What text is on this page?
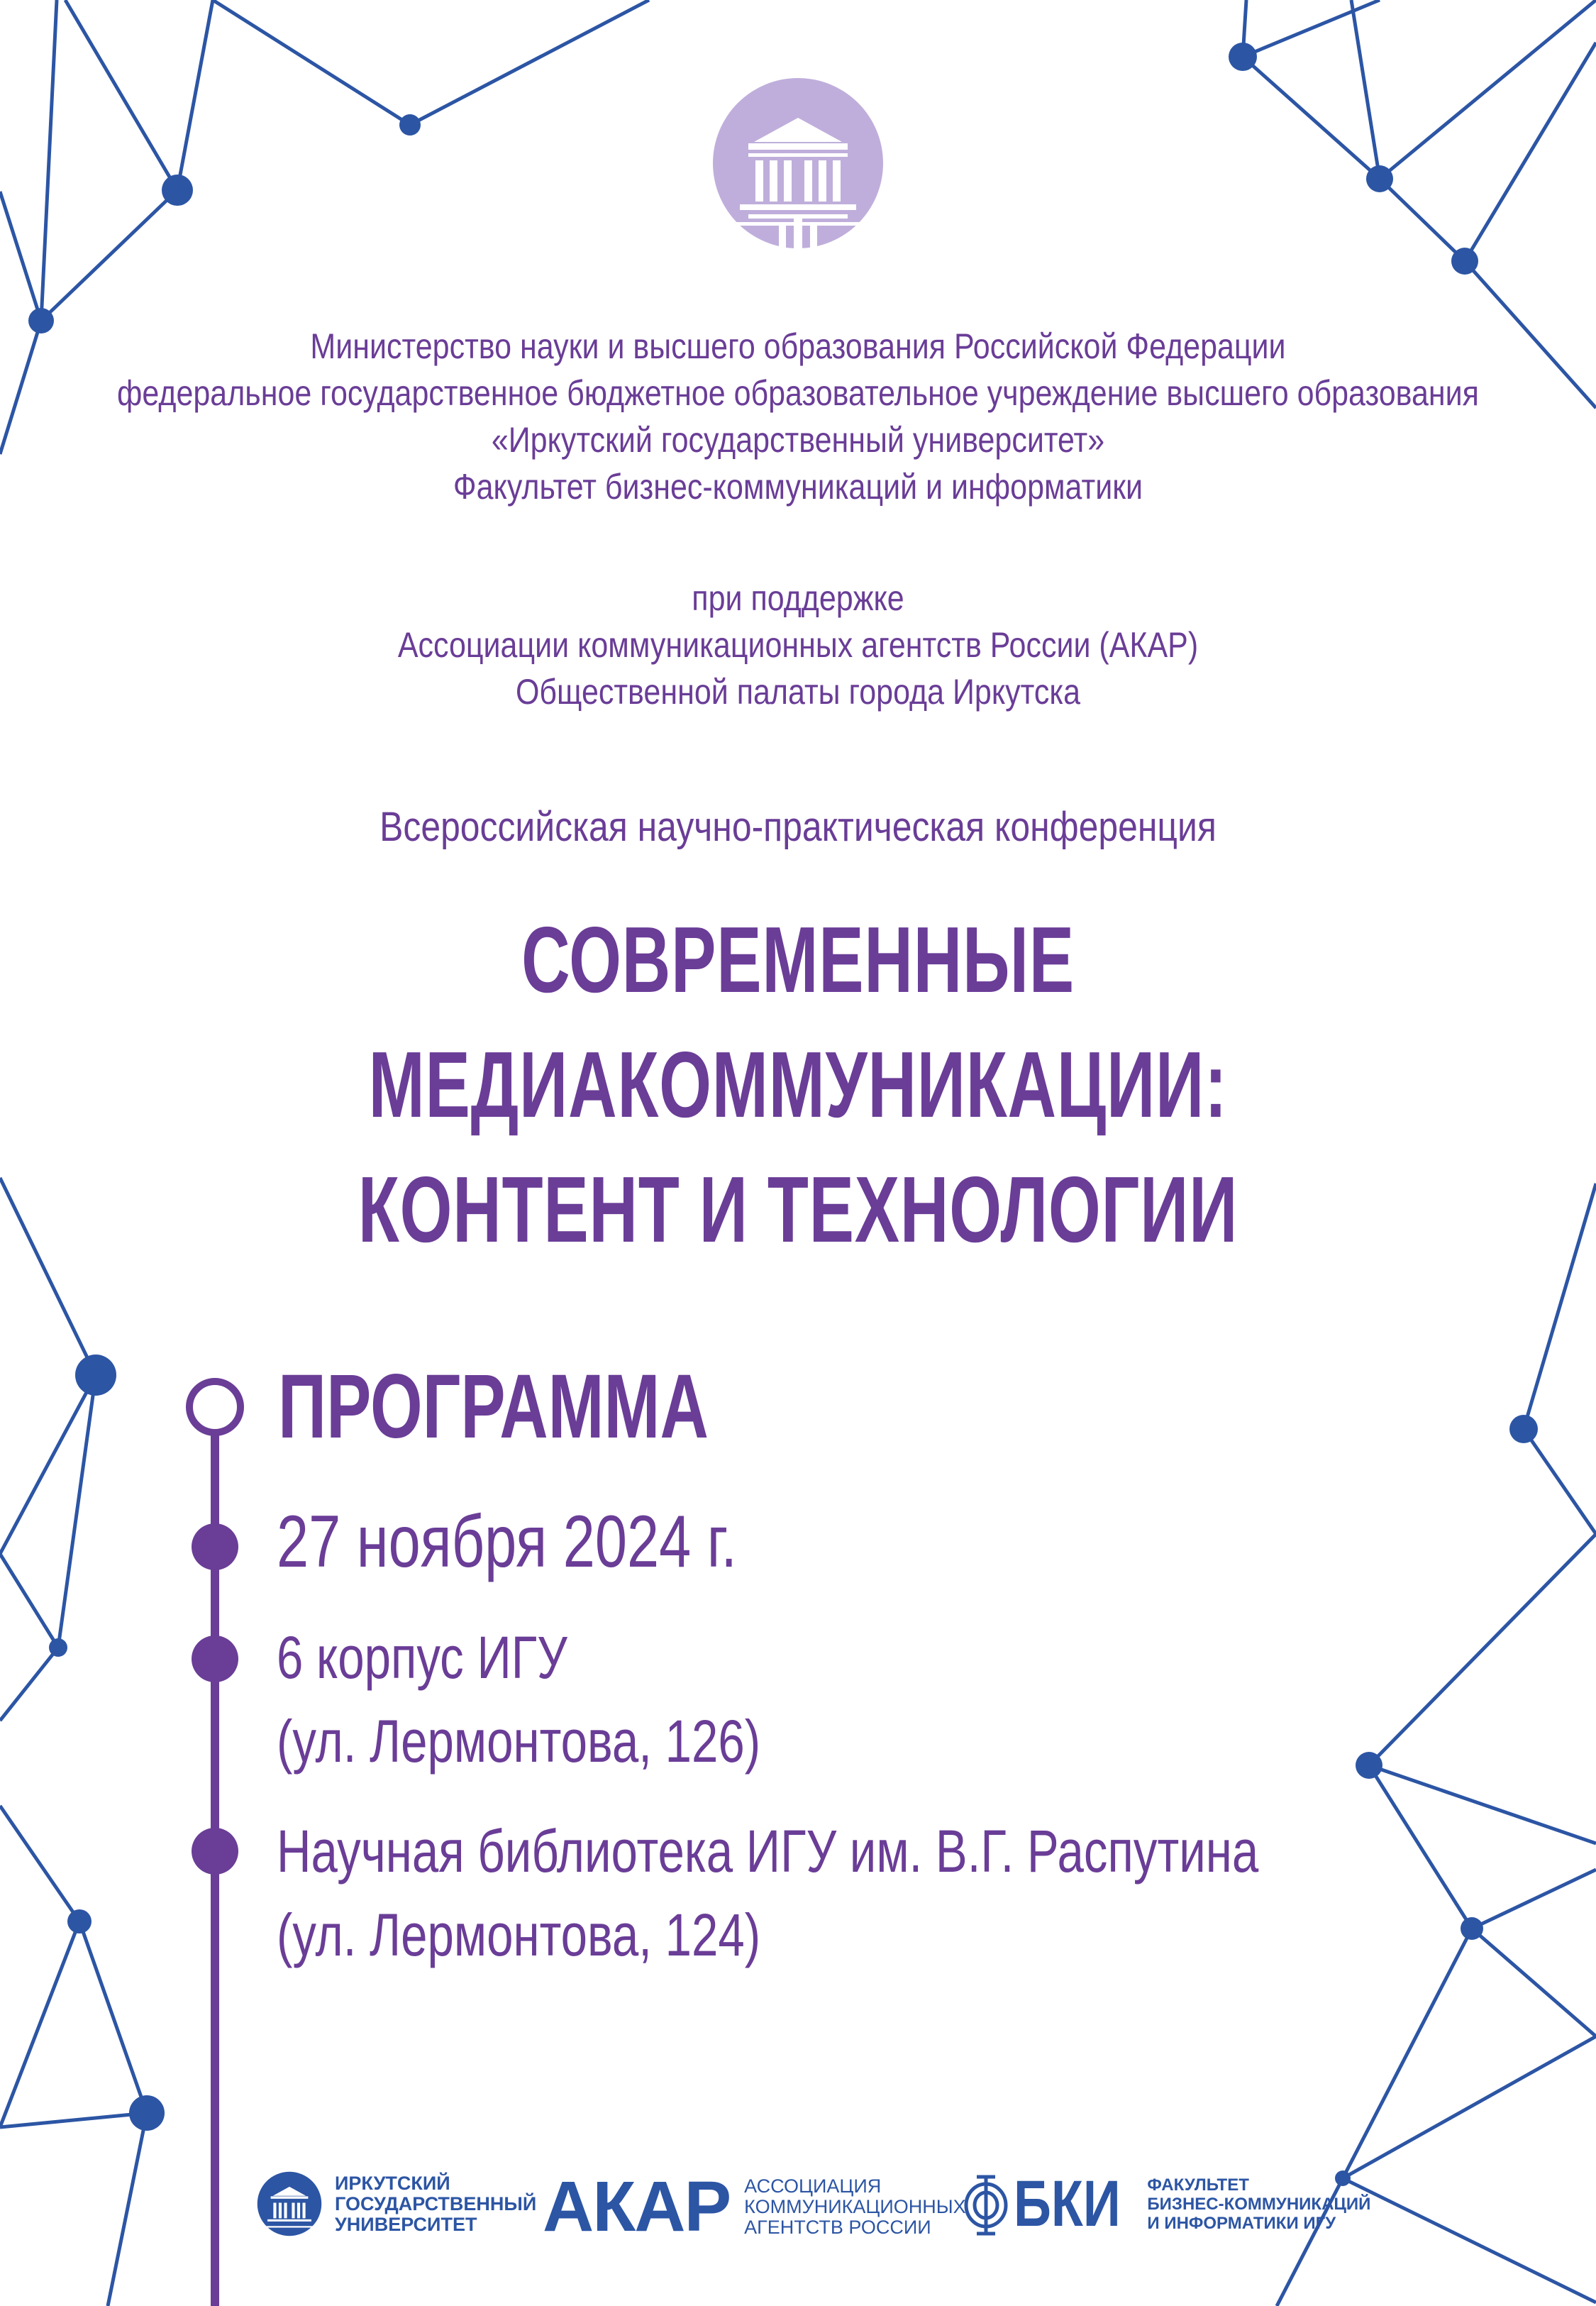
Министерство науки и высшего образования Российской Федерации
федеральное государственное бюджетное образовательное учреждение высшего образования
«Иркутский государственный университет»
Факультет бизнес-коммуникаций и информатики
при поддержке
Ассоциации коммуникационных агентств России (АКАР)
Общественной палаты города Иркутска
Всероссийская научно-практическая конференция
СОВРЕМЕННЫЕ МЕДИАКОММУНИКАЦИИ:
КОНТЕНТ И ТЕХНОЛОГИИ
ПРОГРАММА
27 ноября 2024 г.
6 корпус ИГУ
(ул. Лермонтова, 126)
Научная библиотека ИГУ им. В.Г. Распутина
(ул. Лермонтова, 124)
ИРКУТСКИЙ
ГОСУДАРСТВЕННЫЙ
УНИВЕРСИТЕТ АКАР АССОЦИАЦИЯ
КОММУНИКАЦИОННЫХ
АГЕНТСТВ РОССИИ	БКИ ФАКУЛЬТЕТ
БИЗНЕС-КОММУНИКАЦИЙ
И ИНФОРМАТИКИ ИГУ
